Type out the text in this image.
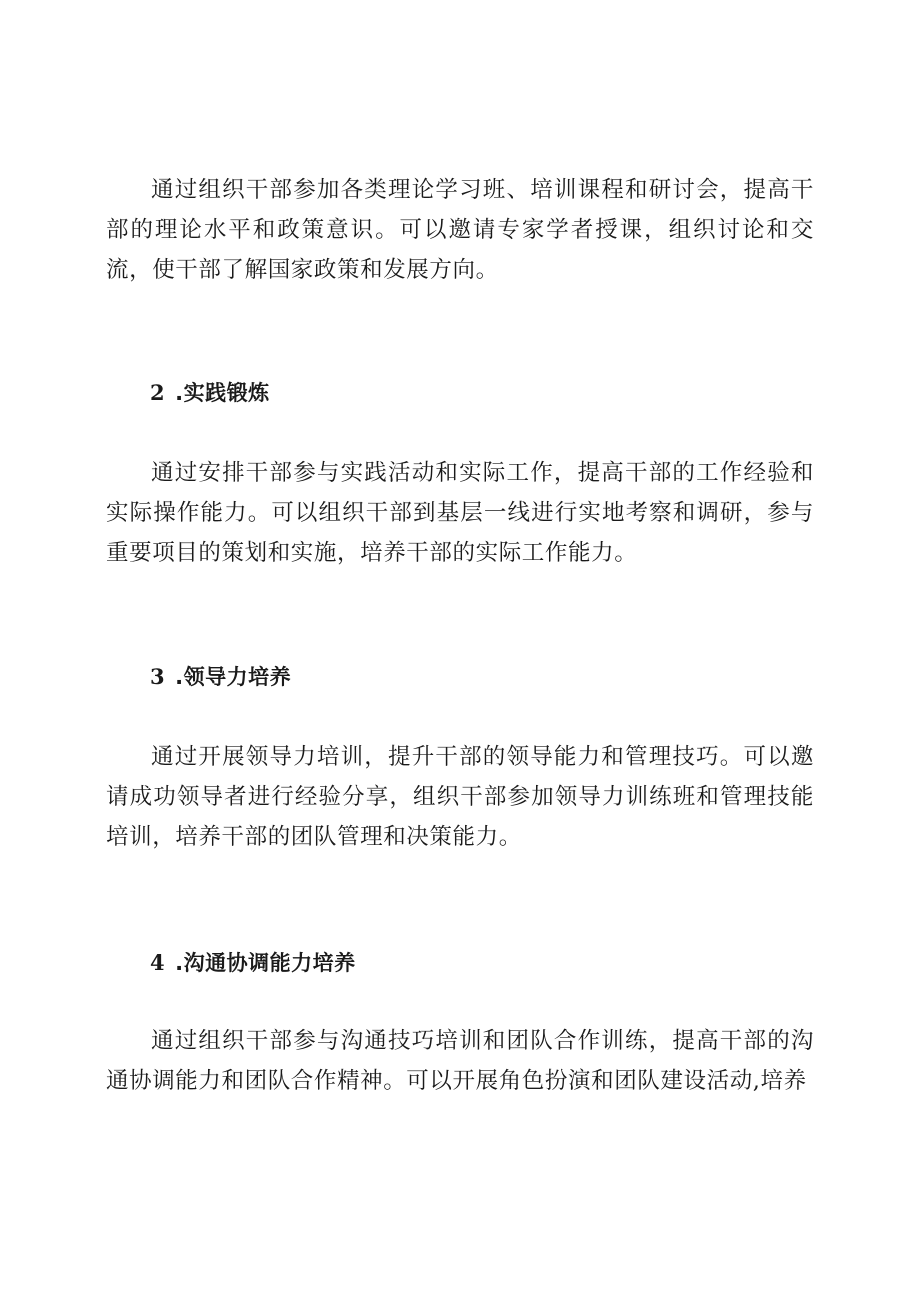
通过组织干部参加各类理论学习班、培训课程和研讨会，提高干部的理论水平和政策意识。可以邀请专家学者授课，组织讨论和交流，使干部了解国家政策和发展方向。

2 .实践锻炼

通过安排干部参与实践活动和实际工作，提高干部的工作经验和实际操作能力。可以组织干部到基层一线进行实地考察和调研，参与重要项目的策划和实施，培养干部的实际工作能力。

3 .领导力培养

通过开展领导力培训，提升干部的领导能力和管理技巧。可以邀请成功领导者进行经验分享，组织干部参加领导力训练班和管理技能培训，培养干部的团队管理和决策能力。

4 .沟通协调能力培养

通过组织干部参与沟通技巧培训和团队合作训练，提高干部的沟通协调能力和团队合作精神。可以开展角色扮演和团队建设活动,培养
